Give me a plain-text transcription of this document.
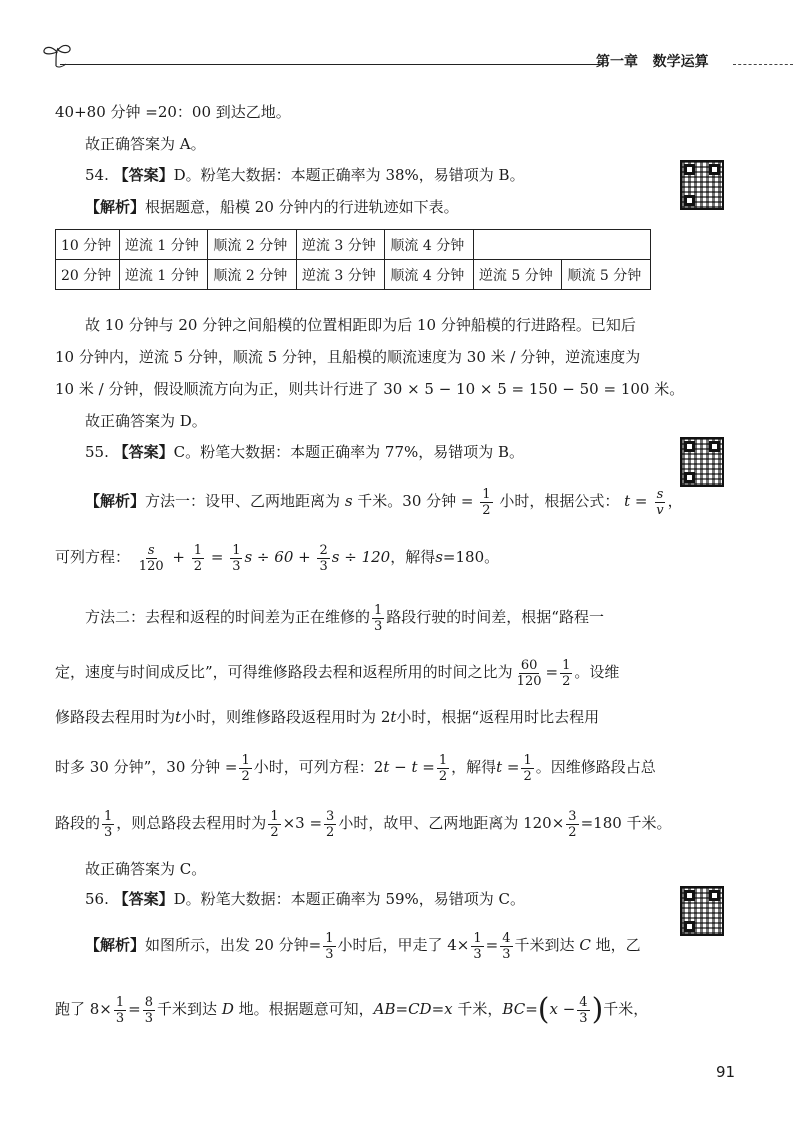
第一章 数学运算
40+80 分钟 =20：00 到达乙地。
故正确答案为 A。
54. 【答案】D。粉笔大数据：本题正确率为 38%，易错项为 B。
【解析】根据题意，船模 20 分钟内的行进轨迹如下表。
10 分钟	逆流 1 分钟	顺流 2 分钟	逆流 3 分钟	顺流 4 分钟		
20 分钟	逆流 1 分钟	顺流 2 分钟	逆流 3 分钟	顺流 4 分钟	逆流 5 分钟	顺流 5 分钟
故 10 分钟与 20 分钟之间船模的位置相距即为后 10 分钟船模的行进路程。已知后
10 分钟内，逆流 5 分钟，顺流 5 分钟，且船模的顺流速度为 30 米 / 分钟，逆流速度为
10 米 / 分钟，假设顺流方向为正，则共计行进了 30 × 5 − 10 × 5 = 150 − 50 = 100 米。
故正确答案为 D。
55. 【答案】C。粉笔大数据：本题正确率为 77%，易错项为 B。
【解析】方法一：设甲、乙两地距离为 s 千米。30 分钟 = $\frac{1}{2}$ 小时，根据公式： $t = \frac{s}{v}$ ，
可列方程： $\frac{s}{120} + \frac{1}{2} = \frac{1}{3}$ $s \div 60 + \frac{2}{3}$ s ÷ 120，解得s=180。
方法二：去程和返程的时间差为正在维修的 $\frac{1}{3}$ 路段行驶的时间差，根据“路程一
定，速度与时间成反比”，可得维修路段去程和返程所用的时间之比为 $\frac{60}{120} = \frac{1}{2}$ 。设维
修路段去程用时为t小时，则维修路段返程用时为 2t小时，根据“返程用时比去程用
时多 30 分钟”，30 分钟 = $\frac{1}{2}$ 小时，可列方程：$2t - t = \frac{1}{2}$ ，解得$t = \frac{1}{2}$ 。因维修路段占总
路段的 $\frac{1}{3}$ ，则总路段去程用时为 $\frac{1}{2} \times 3 = \frac{3}{2}$ 小时，故甲、乙两地距离为 $120\times \frac{3}{2} =180$ 千米。
故正确答案为 C。
56. 【答案】D。粉笔大数据：本题正确率为 59%，易错项为 C。
【解析】如图所示，出发 20 分钟= $\frac{1}{3}$ 小时后，甲走了 $4\times \frac{1}{3} = \frac{4}{3}$ 千米到达 C 地，乙
跑了 $8\times \frac{1}{3} = \frac{8}{3}$ 千米到达 D 地。根据题意可知，AB=CD=x 千米，$BC=(x - \frac{4}{3}$ )千米，
91
